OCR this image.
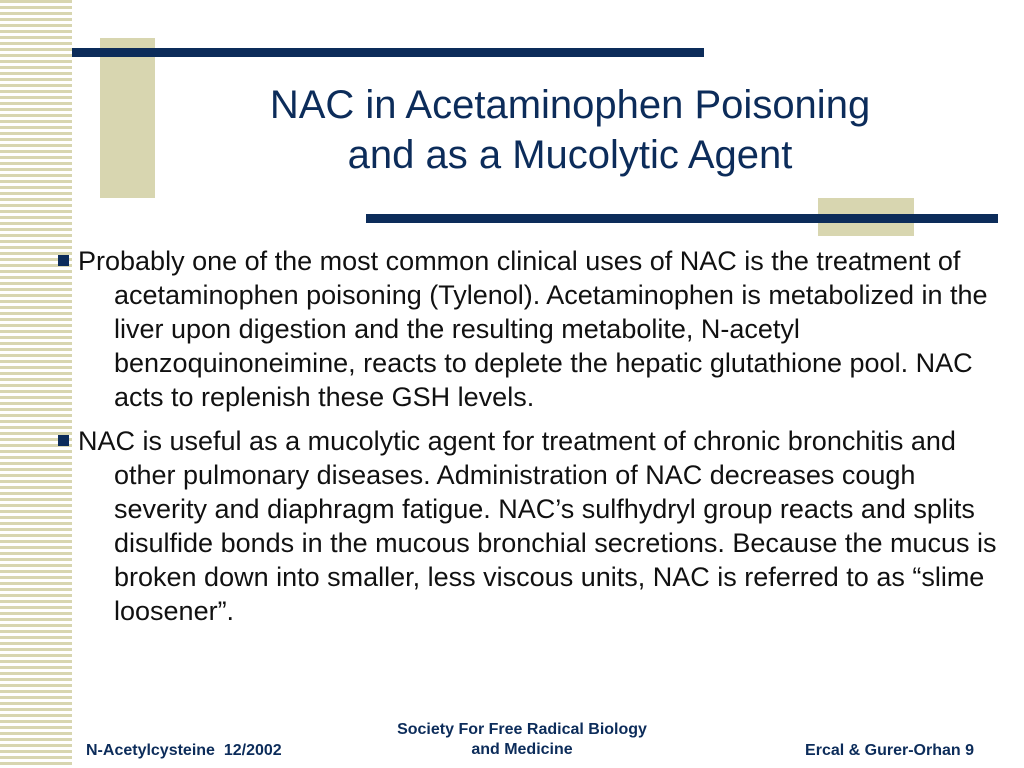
NAC in Acetaminophen Poisoning
and as a Mucolytic Agent

Probably one of the most common clinical uses of NAC is the treatment of acetaminophen poisoning (Tylenol). Acetaminophen is metabolized in the liver upon digestion and the resulting metabolite, N-acetyl benzoquinoneimine, reacts to deplete the hepatic glutathione pool. NAC acts to replenish these GSH levels.

NAC is useful as a mucolytic agent for treatment of chronic bronchitis and other pulmonary diseases. Administration of NAC decreases cough severity and diaphragm fatigue. NAC’s sulfhydryl group reacts and splits disulfide bonds in the mucous bronchial secretions. Because the mucus is broken down into smaller, less viscous units, NAC is referred to as “slime loosener”.

N-Acetylcysteine  12/2002
Society For Free Radical Biology
and Medicine	Ercal & Gurer-Orhan 9
